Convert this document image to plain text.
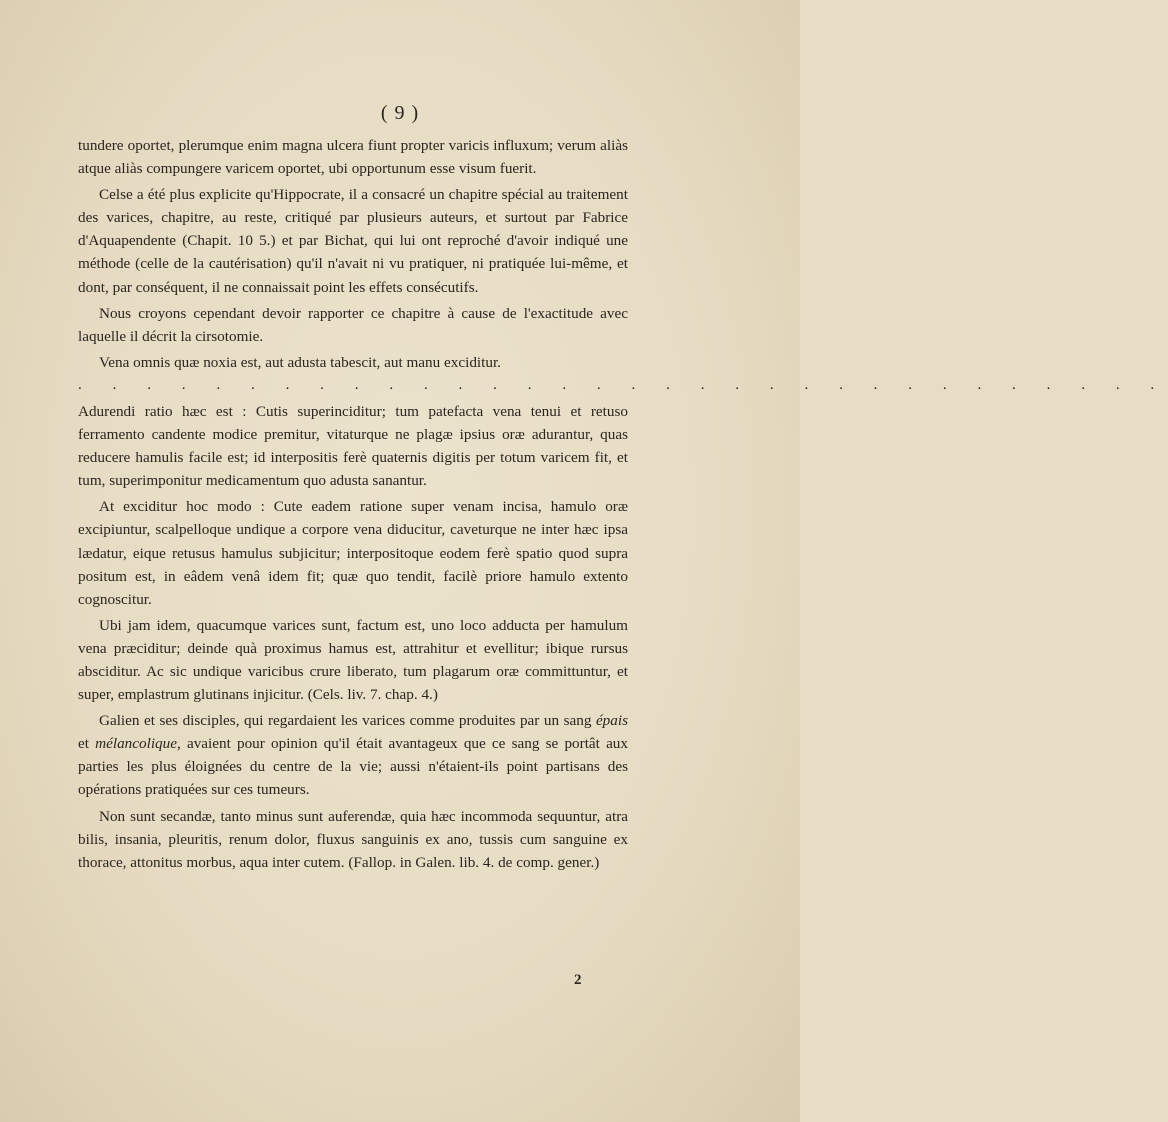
( 9 )

tundere oportet, plerumque enim magna ulcera fiunt propter varicis influxum; verum aliàs atque aliàs compungere varicem oportet, ubi opportunum esse visum fuerit.

Celse a été plus explicite qu'Hippocrate, il a consacré un chapitre spécial au traitement des varices, chapitre, au reste, critiqué par plusieurs auteurs, et surtout par Fabrice d'Aquapendente (Chapit. 10 5.) et par Bichat, qui lui ont reproché d'avoir indiqué une méthode (celle de la cautérisation) qu'il n'avait ni vu pratiquer, ni pratiquée lui-même, et dont, par conséquent, il ne connaissait point les effets consécutifs.

Nous croyons cependant devoir rapporter ce chapitre à cause de l'exactitude avec laquelle il décrit la cirsotomie.

Vena omnis quæ noxia est, aut adusta tabescit, aut manu exciditur.

. . . . . . . . . . . . . . . . . . . . . . . . . . . . . . . .

Adurendi ratio hæc est : Cutis superinciditur; tum patefacta vena tenui et retuso ferramento candente modice premitur, vitaturque ne plagæ ipsius oræ adurantur, quas reducere hamulis facile est; id interpositis ferè quaternis digitis per totum varicem fit, et tum, superimponitur medicamentum quo adusta sanantur.

At exciditur hoc modo : Cute eadem ratione super venam incisa, hamulo oræ excipiuntur, scalpelloque undique a corpore vena diducitur, caveturque ne inter hæc ipsa lædatur, eique retusus hamulus subjicitur; interpositoque eodem ferè spatio quod supra positum est, in eâdem venâ idem fit; quæ quo tendit, facilè priore hamulo extento cognoscitur.

Ubi jam idem, quacumque varices sunt, factum est, uno loco adducta per hamulum vena præciditur; deinde quà proximus hamus est, attrahitur et evellitur; ibique rursus absciditur. Ac sic undique varicibus crure liberato, tum plagarum oræ committuntur, et super, emplastrum glutinans injicitur. (Cels. liv. 7. chap. 4.)

Galien et ses disciples, qui regardaient les varices comme produites par un sang épais et mélancolique, avaient pour opinion qu'il était avantageux que ce sang se portât aux parties les plus éloignées du centre de la vie; aussi n'étaient-ils point partisans des opérations pratiquées sur ces tumeurs.

Non sunt secandæ, tanto minus sunt auferendæ, quia hæc incommoda sequuntur, atra bilis, insania, pleuritis, renum dolor, fluxus sanguinis ex ano, tussis cum sanguine ex thorace, attonitus morbus, aqua inter cutem. (Fallop. in Galen. lib. 4. de comp. gener.)

2
